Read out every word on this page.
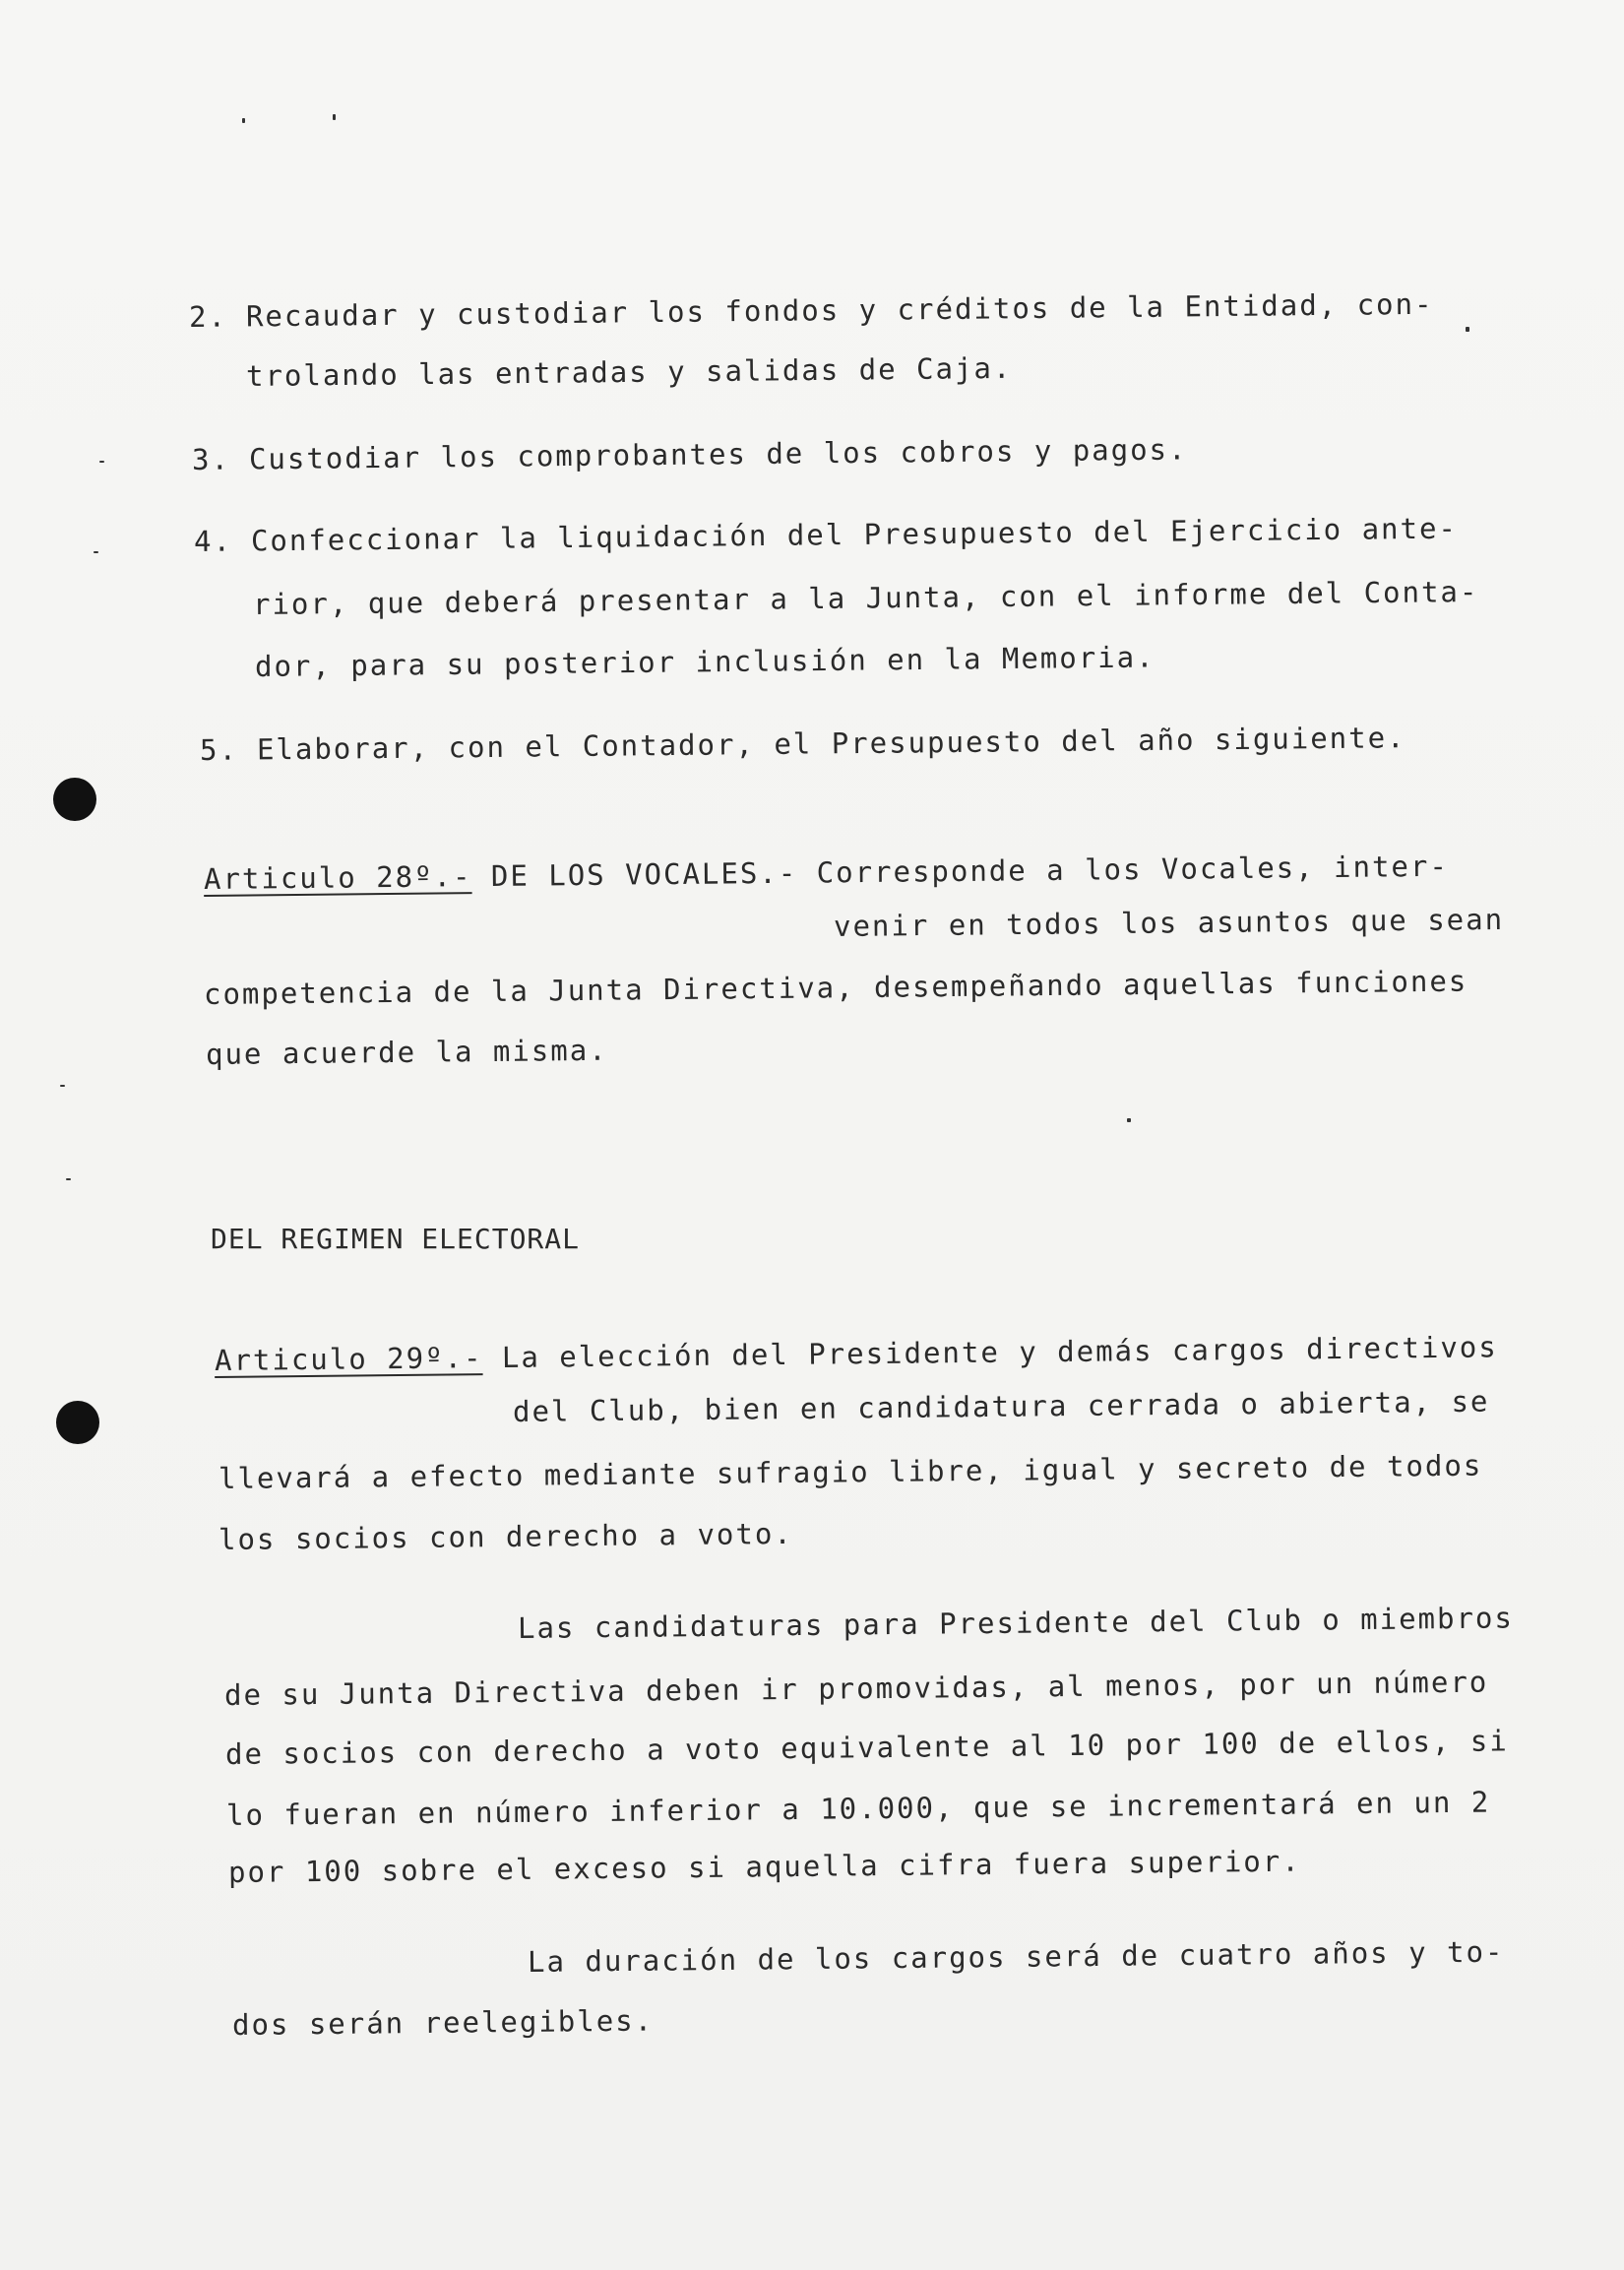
2. Recaudar y custodiar los fondos y créditos de la Entidad, con-
trolando las entradas y salidas de Caja.
3. Custodiar los comprobantes de los cobros y pagos.
4. Confeccionar la liquidación del Presupuesto del Ejercicio ante-
rior, que deberá presentar a la Junta, con el informe del Conta-
dor, para su posterior inclusión en la Memoria.
5. Elaborar, con el Contador, el Presupuesto del año siguiente.
Articulo 28º.- DE LOS VOCALES.- Corresponde a los Vocales, inter-
venir en todos los asuntos que sean
competencia de la Junta Directiva, desempeñando aquellas funciones
que acuerde la misma.
DEL REGIMEN ELECTORAL
Articulo 29º.- La elección del Presidente y demás cargos directivos
del Club, bien en candidatura cerrada o abierta, se
llevará a efecto mediante sufragio libre, igual y secreto de todos
los socios con derecho a voto.
Las candidaturas para Presidente del Club o miembros
de su Junta Directiva deben ir promovidas, al menos, por un número
de socios con derecho a voto equivalente al 10 por 100 de ellos, si
lo fueran en número inferior a 10.000, que se incrementará en un 2
por 100 sobre el exceso si aquella cifra fuera superior.
La duración de los cargos será de cuatro años y to-
dos serán reelegibles.
